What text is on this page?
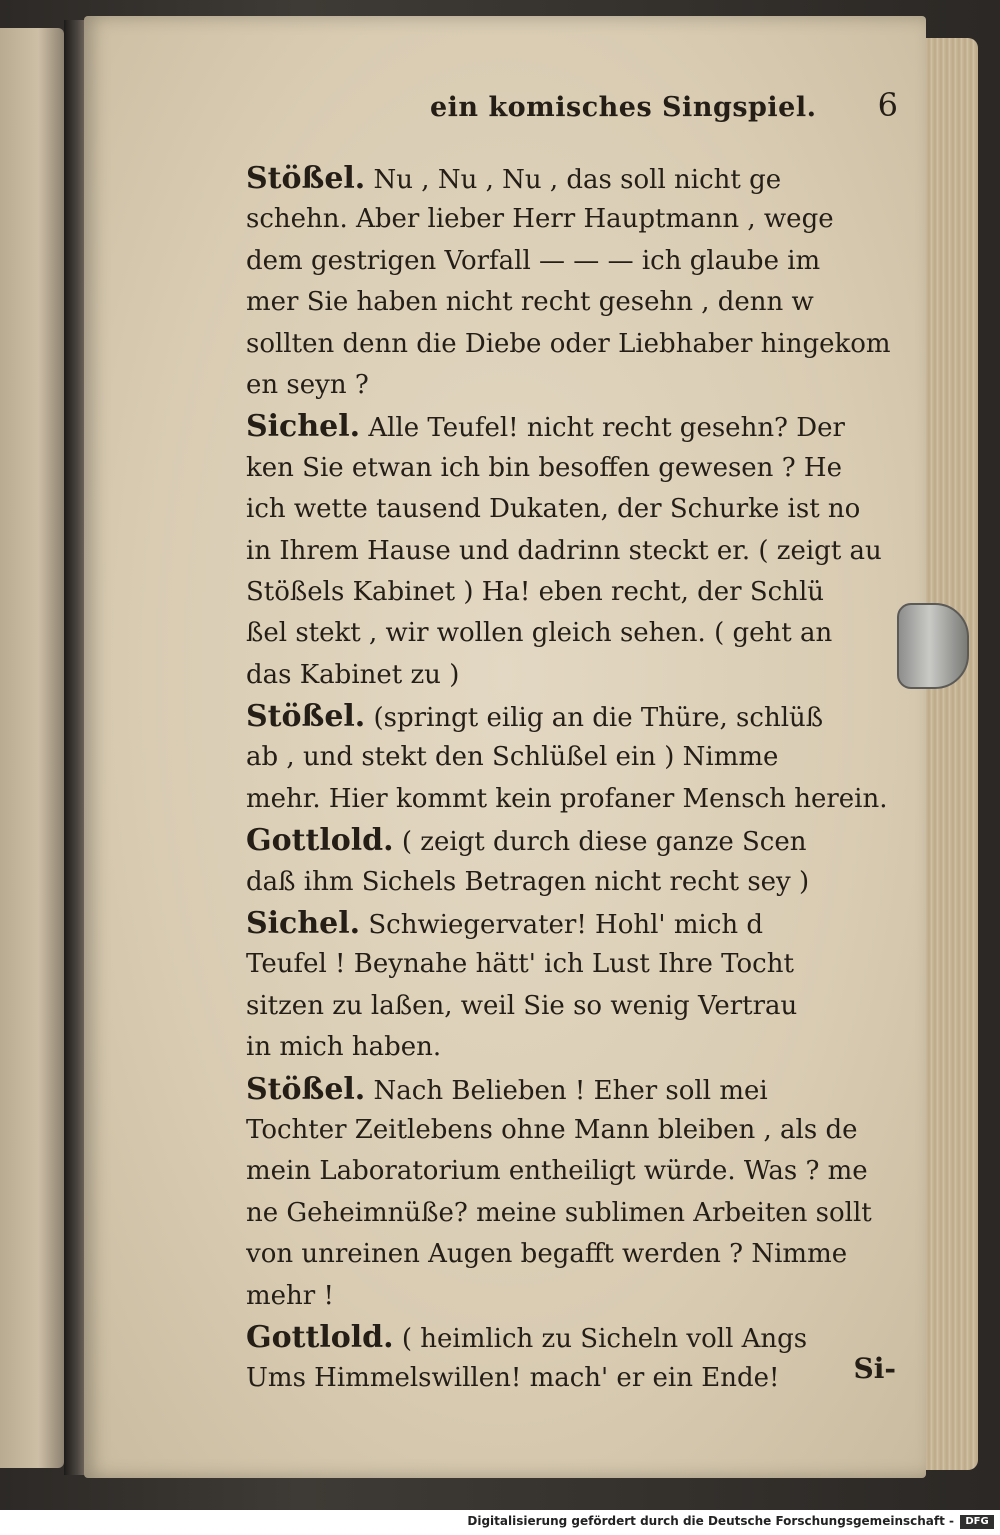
ein komisches Singspiel. 6
Stößel. Nu , Nu , Nu , das soll nicht ge
schehn. Aber lieber Herr Hauptmann , wege
dem gestrigen Vorfall — — — ich glaube im
mer Sie haben nicht recht gesehn , denn w
sollten denn die Diebe oder Liebhaber hingekom
en seyn ?
Sichel. Alle Teufel! nicht recht gesehn? Der
ken Sie etwan ich bin besoffen gewesen ? He
ich wette tausend Dukaten, der Schurke ist no
in Ihrem Hause und dadrinn steckt er. ( zeigt au
Stößels Kabinet ) Ha! eben recht, der Schlü
ßel stekt , wir wollen gleich sehen. ( geht an
das Kabinet zu )
Stößel. (springt eilig an die Thüre, schlüß
ab , und stekt den Schlüßel ein ) Nimme
mehr. Hier kommt kein profaner Mensch herein.
Gottlold. ( zeigt durch diese ganze Scen
daß ihm Sichels Betragen nicht recht sey )
Sichel. Schwiegervater! Hohl' mich d
Teufel ! Beynahe hätt' ich Lust Ihre Tocht
sitzen zu laßen, weil Sie so wenig Vertrau
in mich haben.
Stößel. Nach Belieben ! Eher soll mei
Tochter Zeitlebens ohne Mann bleiben , als de
mein Laboratorium entheiligt würde. Was ? me
ne Geheimnüße? meine sublimen Arbeiten sollt
von unreinen Augen begafft werden ? Nimme
mehr !
Gottlold. ( heimlich zu Sicheln voll Angs
Ums Himmelswillen! mach' er ein Ende!	Si-
Digitalisierung gefördert durch die Deutsche Forschungsgemeinschaft -	DFG
